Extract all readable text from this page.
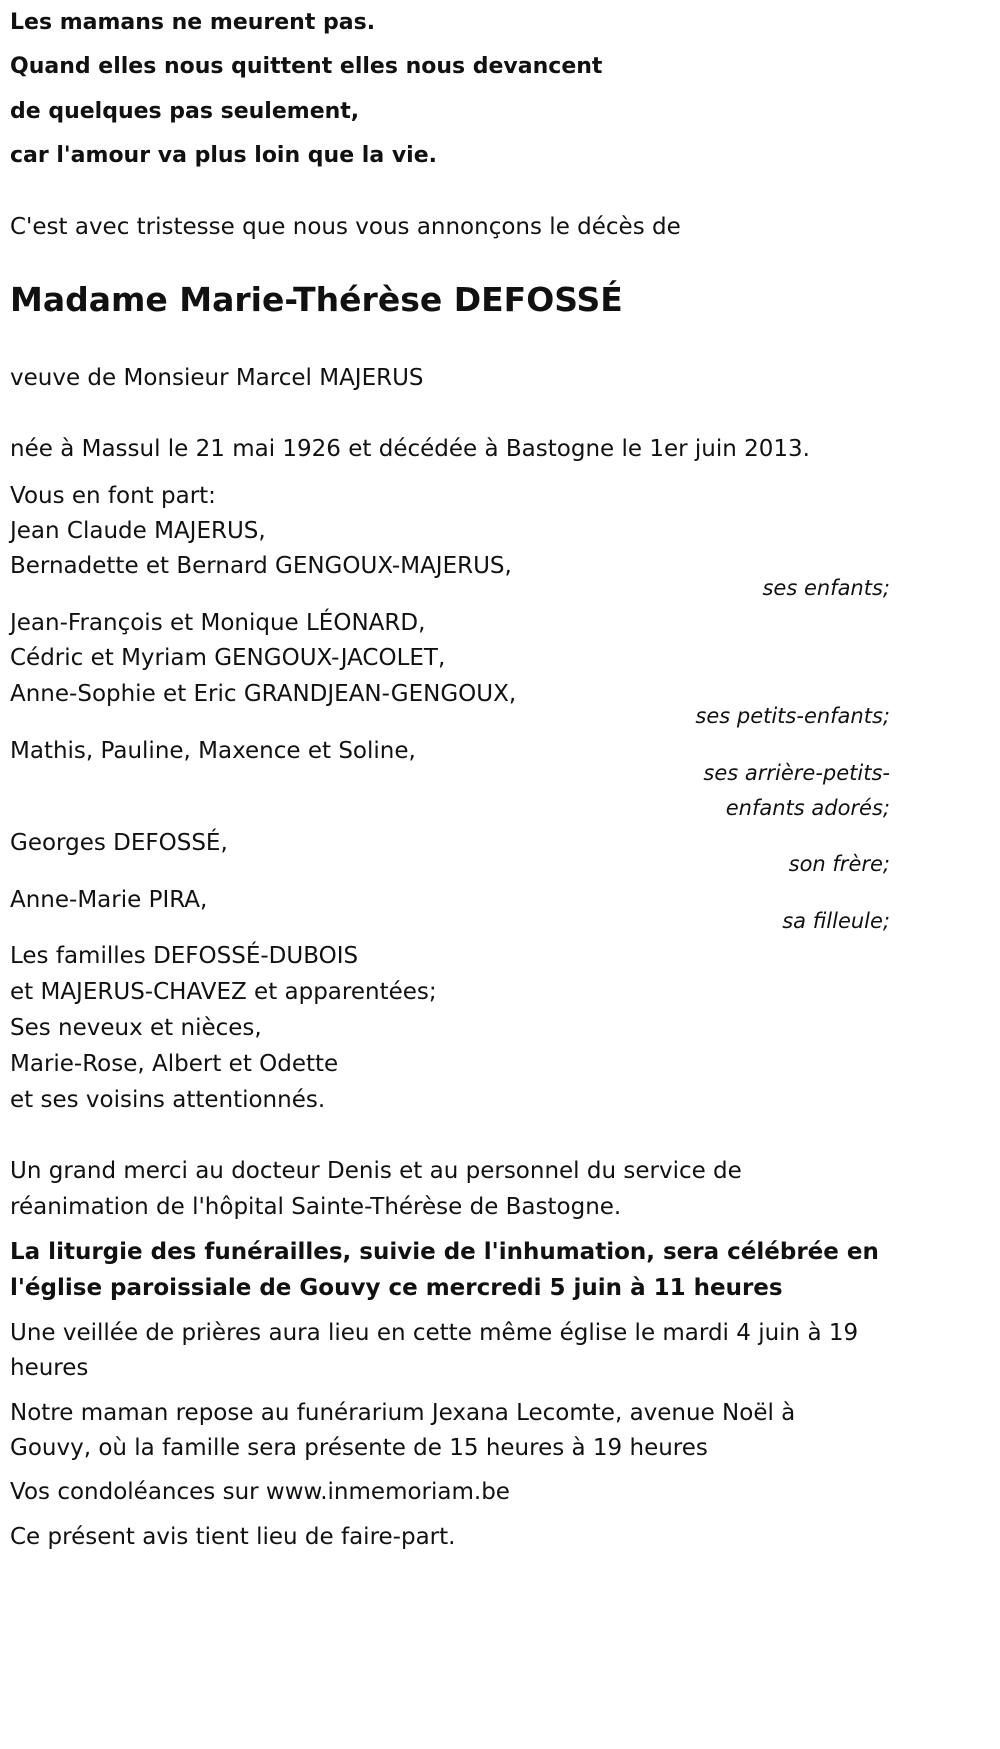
Les mamans ne meurent pas.
Quand elles nous quittent elles nous devancent
de quelques pas seulement,
car l'amour va plus loin que la vie.
C'est avec tristesse que nous vous annonçons le décès de
Madame Marie-Thérèse DEFOSSÉ
veuve de Monsieur Marcel MAJERUS
née à Massul le 21 mai 1926 et décédée à Bastogne le 1er juin 2013.
Vous en font part:
Jean Claude MAJERUS,
Bernadette et Bernard GENGOUX-MAJERUS,
ses enfants;
Jean-François et Monique LÉONARD,
Cédric et Myriam GENGOUX-JACOLET,
Anne-Sophie et Eric GRANDJEAN-GENGOUX,
ses petits-enfants;
Mathis, Pauline, Maxence et Soline,
ses arrière-petits-
enfants adorés;
Georges DEFOSSÉ,
son frère;
Anne-Marie PIRA,
sa filleule;
Les familles DEFOSSÉ-DUBOIS
et MAJERUS-CHAVEZ et apparentées;
Ses neveux et nièces,
Marie-Rose, Albert et Odette
et ses voisins attentionnés.
Un grand merci au docteur Denis et au personnel du service de
réanimation de l'hôpital Sainte-Thérèse de Bastogne.
La liturgie des funérailles, suivie de l'inhumation, sera célébrée en
l'église paroissiale de Gouvy ce mercredi 5 juin à 11 heures
Une veillée de prières aura lieu en cette même église le mardi 4 juin à 19
heures
Notre maman repose au funérarium Jexana Lecomte, avenue Noël à
Gouvy, où la famille sera présente de 15 heures à 19 heures
Vos condoléances sur www.inmemoriam.be
Ce présent avis tient lieu de faire-part.
